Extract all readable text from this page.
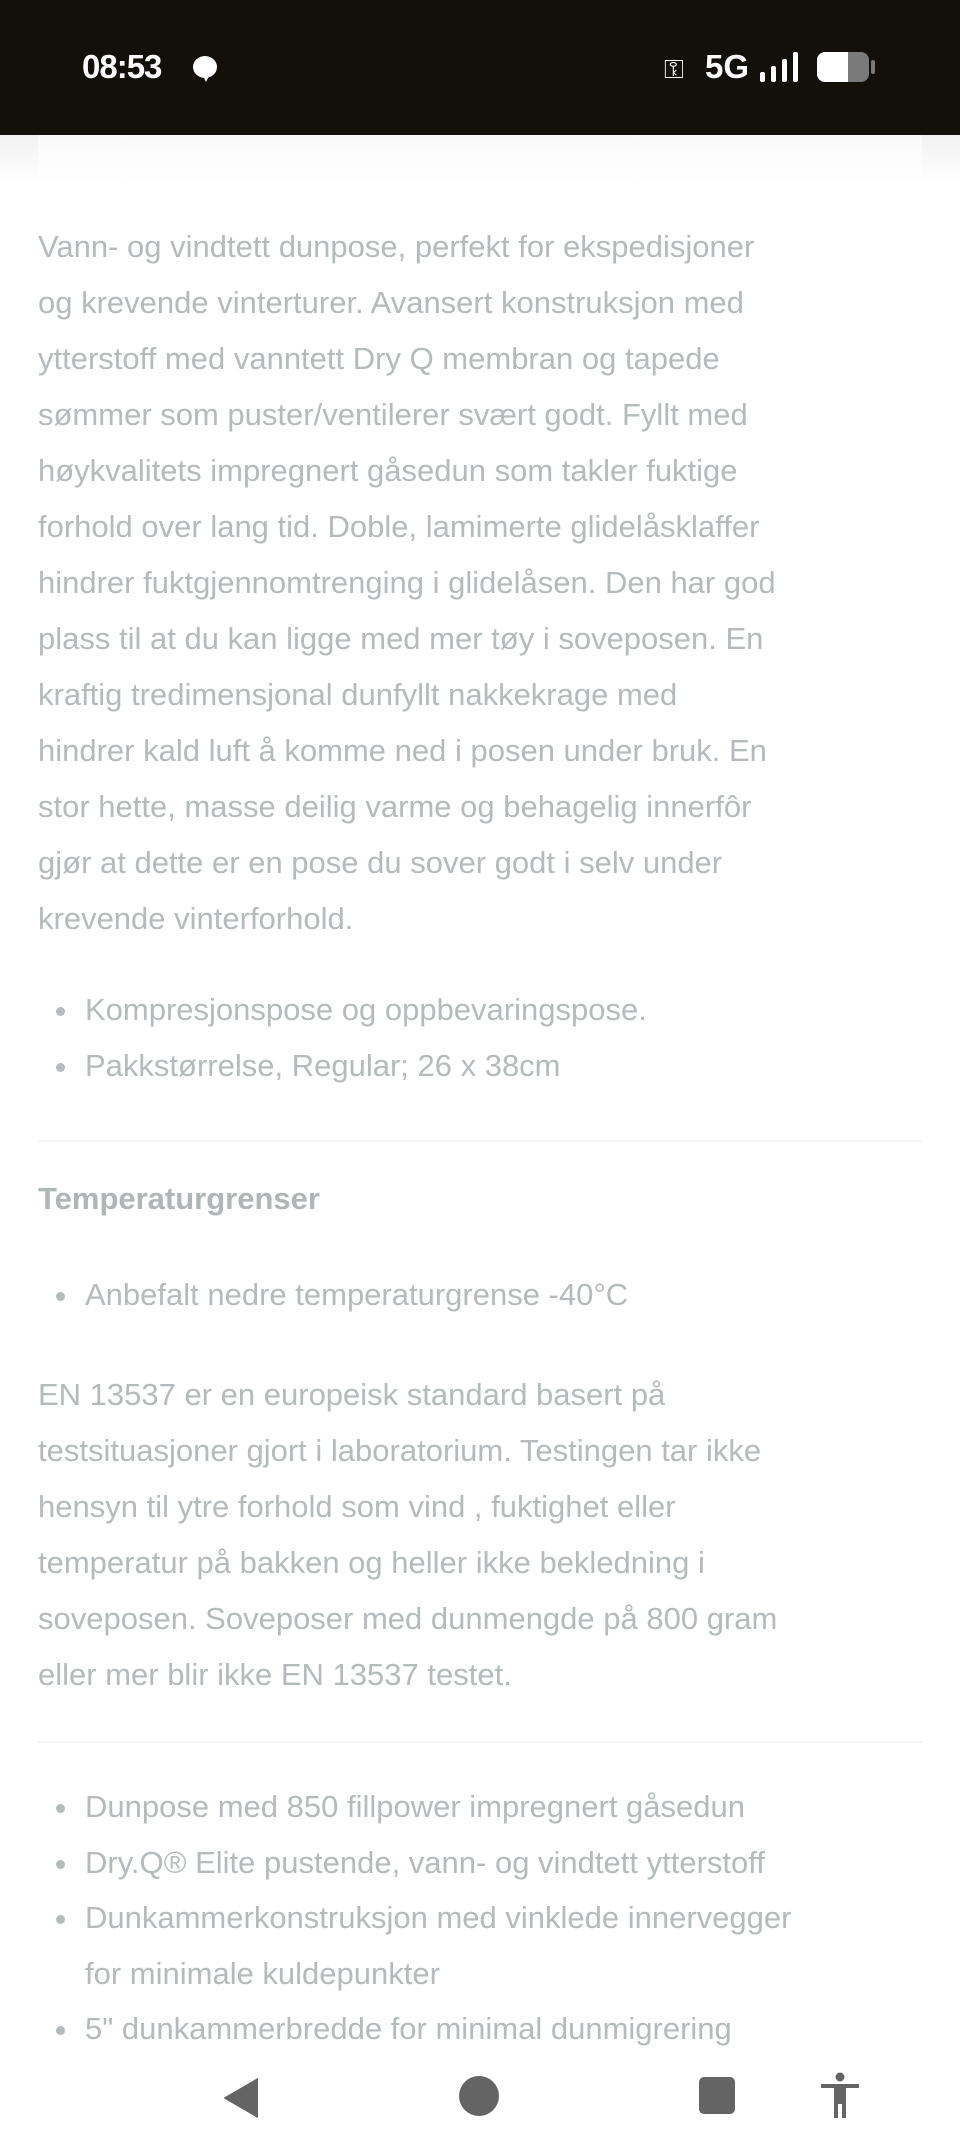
08:53	⚿ 5G
Vann- og vindtett dunpose, perfekt for ekspedisjoner
og krevende vinterturer. Avansert konstruksjon med
ytterstoff med vanntett Dry Q membran og tapede
sømmer som puster/ventilerer svært godt. Fyllt med
høykvalitets impregnert gåsedun som takler fuktige
forhold over lang tid. Doble, lamimerte glidelåsklaffer
hindrer fuktgjennomtrenging i glidelåsen. Den har god
plass til at du kan ligge med mer tøy i soveposen. En
kraftig tredimensjonal dunfyllt nakkekrage med
hindrer kald luft å komme ned i posen under bruk. En
stor hette, masse deilig varme og behagelig innerfôr
gjør at dette er en pose du sover godt i selv under
krevende vinterforhold.
Kompresjonspose og oppbevaringspose.
Pakkstørrelse, Regular; 26 x 38cm
Temperaturgrenser
Anbefalt nedre temperaturgrense -40°C
EN 13537 er en europeisk standard basert på
testsituasjoner gjort i laboratorium. Testingen tar ikke
hensyn til ytre forhold som vind , fuktighet eller
temperatur på bakken og heller ikke bekledning i
soveposen. Soveposer med dunmengde på 800 gram
eller mer blir ikke EN 13537 testet.
Dunpose med 850 fillpower impregnert gåsedun
Dry.Q® Elite pustende, vann- og vindtett ytterstoff
Dunkammerkonstruksjon med vinklede innervegger
for minimale kuldepunkter
5" dunkammerbredde for minimal dunmigrering
